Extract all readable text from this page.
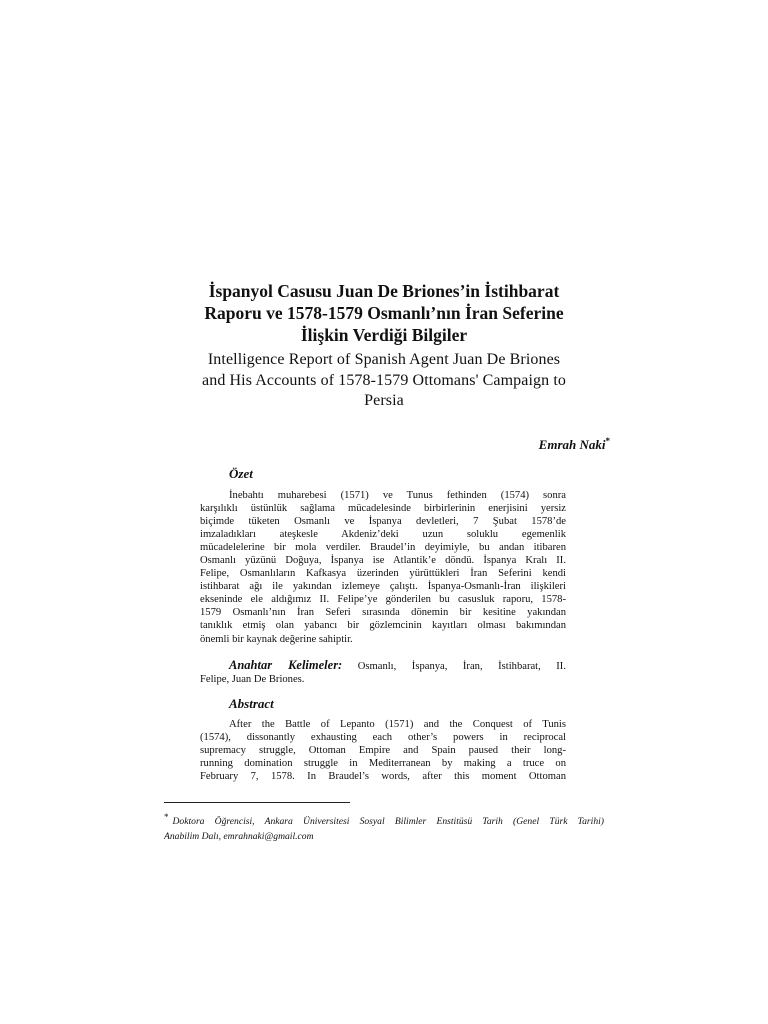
İspanyol Casusu Juan De Briones’in İstihbarat
Raporu ve 1578-1579 Osmanlı’nın İran Seferine
İlişkin Verdiği Bilgiler
Intelligence Report of Spanish Agent Juan De Briones
and His Accounts of 1578-1579 Ottomans' Campaign to
Persia
Emrah Naki*
Özet
İnebahtı muharebesi (1571) ve Tunus fethinden (1574) sonra
karşılıklı üstünlük sağlama mücadelesinde birbirlerinin enerjisini yersiz
biçimde tüketen Osmanlı ve İspanya devletleri, 7 Şubat 1578’de
imzaladıkları ateşkesle Akdeniz’deki uzun soluklu egemenlik
mücadelelerine bir mola verdiler. Braudel’in deyimiyle, bu andan itibaren
Osmanlı yüzünü Doğuya, İspanya ise Atlantik’e döndü. İspanya Kralı II.
Felipe, Osmanlıların Kafkasya üzerinden yürüttükleri İran Seferini kendi
istihbarat ağı ile yakından izlemeye çalıştı. İspanya-Osmanlı-İran ilişkileri
ekseninde ele aldığımız II. Felipe’ye gönderilen bu casusluk raporu, 1578-
1579 Osmanlı’nın İran Seferi sırasında dönemin bir kesitine yakından
tanıklık etmiş olan yabancı bir gözlemcinin kayıtları olması bakımından
önemli bir kaynak değerine sahiptir.
Anahtar Kelimeler: Osmanlı, İspanya, İran, İstihbarat, II.
Felipe, Juan De Briones.
Abstract
After the Battle of Lepanto (1571) and the Conquest of Tunis
(1574), dissonantly exhausting each other’s powers in reciprocal
supremacy struggle, Ottoman Empire and Spain paused their long-
running domination struggle in Mediterranean by making a truce on
February 7, 1578. In Braudel’s words, after this moment Ottoman
* Doktora Öğrencisi, Ankara Üniversitesi Sosyal Bilimler Enstitüsü Tarih (Genel Türk Tarihi)
Anabilim Dalı, emrahnaki@gmail.com
